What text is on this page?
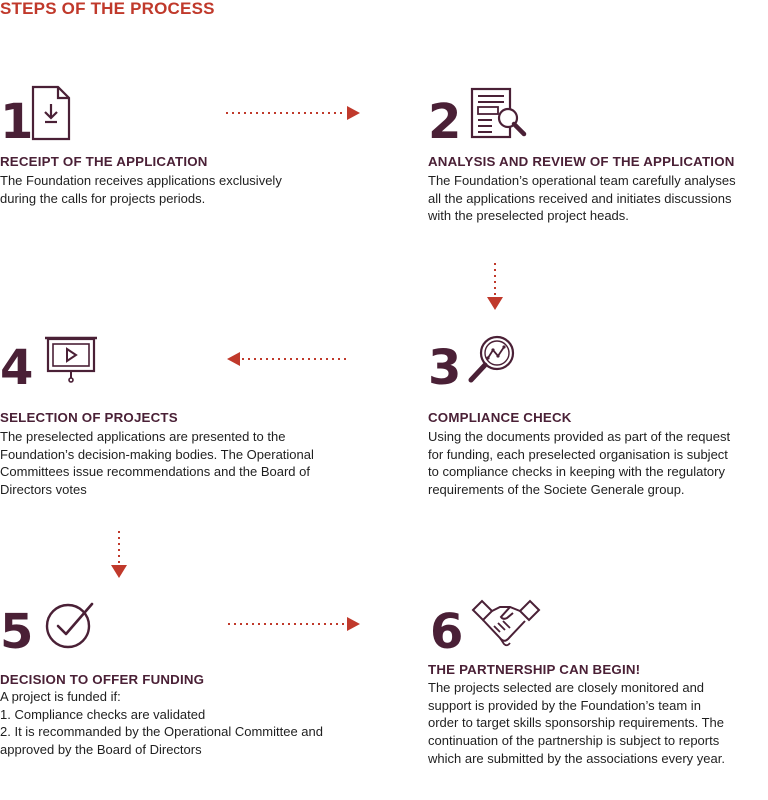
STEPS OF THE PROCESS
1
RECEIPT OF THE APPLICATION
The Foundation receives applications exclusively
during the calls for projects periods.
2
ANALYSIS AND REVIEW OF THE APPLICATION
The Foundation’s operational team carefully analyses
all the applications received and initiates discussions
with the preselected project heads.
4
SELECTION OF PROJECTS
The preselected applications are presented to the
Foundation’s decision-making bodies. The Operational
Committees issue recommendations and the Board of
Directors votes
3
COMPLIANCE CHECK
Using the documents provided as part of the request
for funding, each preselected organisation is subject
to compliance checks in keeping with the regulatory
requirements of the Societe Generale group.
5
DECISION TO OFFER FUNDING
A project is funded if:
1. Compliance checks are validated
2. It is recommanded by the Operational Committee and
approved by the Board of Directors
6
THE PARTNERSHIP CAN BEGIN!
The projects selected are closely monitored and
support is provided by the Foundation’s team in
order to target skills sponsorship requirements. The
continuation of the partnership is subject to reports
which are submitted by the associations every year.
